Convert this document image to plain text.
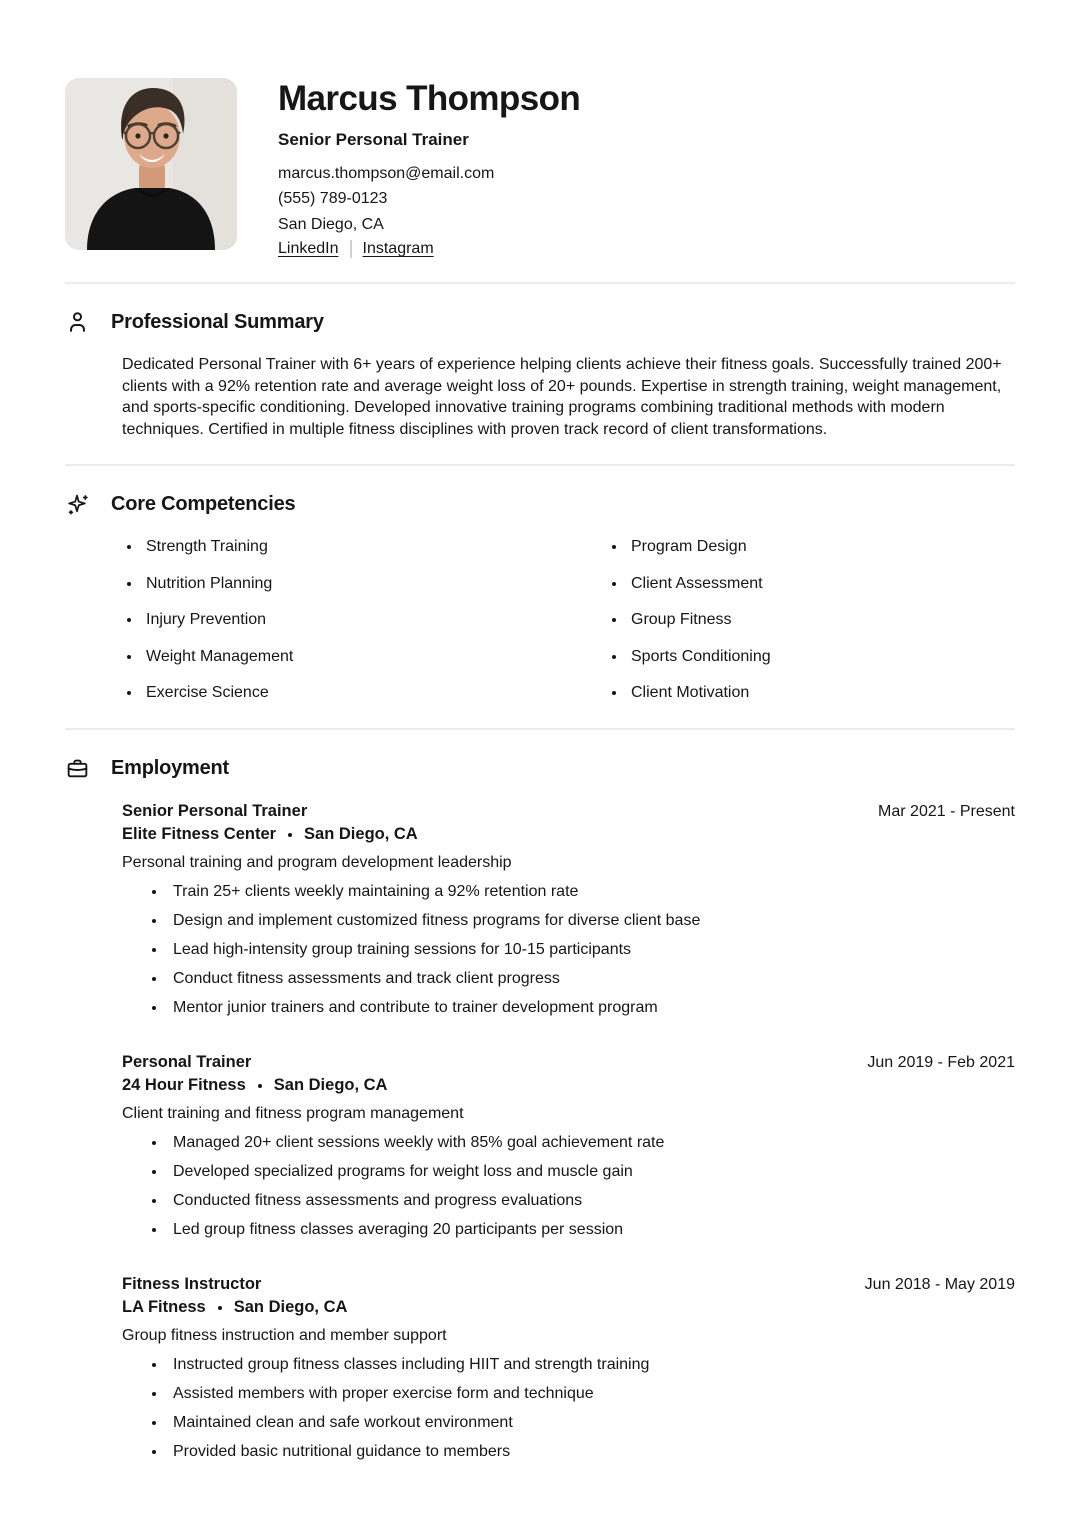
Marcus Thompson
Senior Personal Trainer
marcus.thompson@email.com
(555) 789-0123
San Diego, CA
LinkedIn Instagram
Professional Summary

Dedicated Personal Trainer with 6+ years of experience helping clients achieve their fitness goals. Successfully trained 200+ clients with a 92% retention rate and average weight loss of 20+ pounds. Expertise in strength training, weight management, and sports-specific conditioning. Developed innovative training programs combining traditional methods with modern techniques. Certified in multiple fitness disciplines with proven track record of client transformations.

Core Competencies
Strength Training
Nutrition Planning
Injury Prevention
Weight Management
Exercise Science
Program Design
Client Assessment
Group Fitness
Sports Conditioning
Client Motivation
Employment
Senior Personal Trainer	Mar 2021 - Present
Elite Fitness Center San Diego, CA

Personal training and program development leadership

Train 25+ clients weekly maintaining a 92% retention rate
Design and implement customized fitness programs for diverse client base
Lead high-intensity group training sessions for 10-15 participants
Conduct fitness assessments and track client progress
Mentor junior trainers and contribute to trainer development program
Personal Trainer	Jun 2019 - Feb 2021
24 Hour Fitness San Diego, CA

Client training and fitness program management

Managed 20+ client sessions weekly with 85% goal achievement rate
Developed specialized programs for weight loss and muscle gain
Conducted fitness assessments and progress evaluations
Led group fitness classes averaging 20 participants per session
Fitness Instructor	Jun 2018 - May 2019
LA Fitness San Diego, CA

Group fitness instruction and member support

Instructed group fitness classes including HIIT and strength training
Assisted members with proper exercise form and technique
Maintained clean and safe workout environment
Provided basic nutritional guidance to members
